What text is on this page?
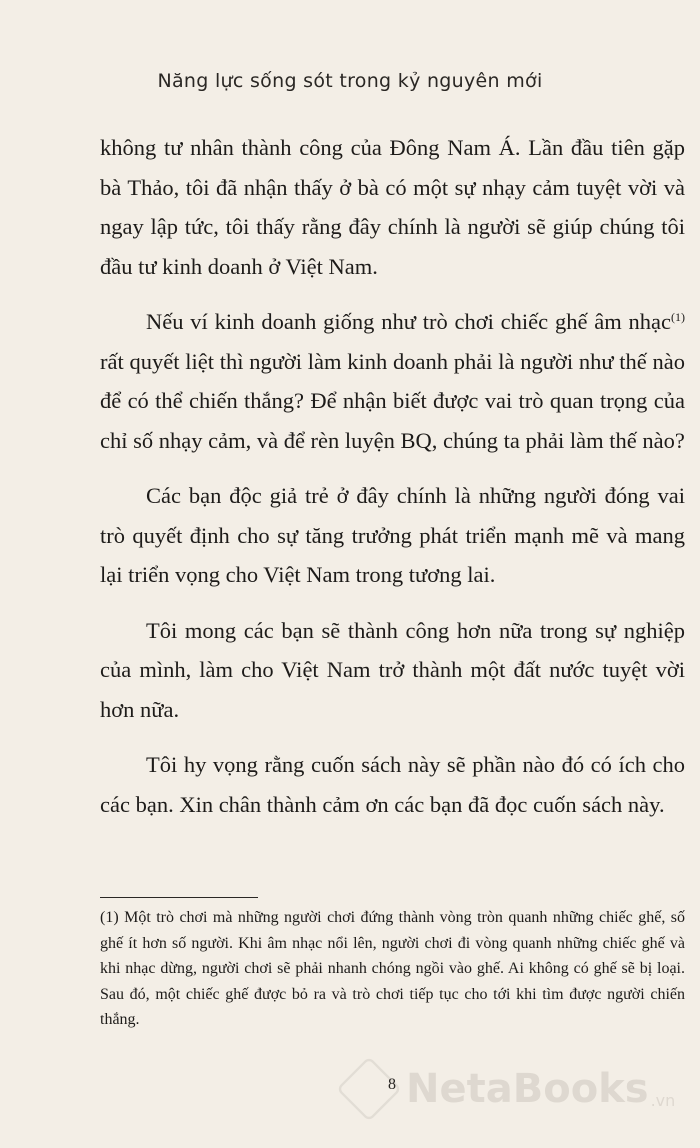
Năng lực sống sót trong kỷ nguyên mới

không tư nhân thành công của Đông Nam Á. Lần đầu tiên gặp bà Thảo, tôi đã nhận thấy ở bà có một sự nhạy cảm tuyệt vời và ngay lập tức, tôi thấy rằng đây chính là người sẽ giúp chúng tôi đầu tư kinh doanh ở Việt Nam.

Nếu ví kinh doanh giống như trò chơi chiếc ghế âm nhạc$^{(1)}$ rất quyết liệt thì người làm kinh doanh phải là người như thế nào để có thể chiến thắng? Để nhận biết được vai trò quan trọng của chỉ số nhạy cảm, và để rèn luyện BQ, chúng ta phải làm thế nào?

Các bạn độc giả trẻ ở đây chính là những người đóng vai trò quyết định cho sự tăng trưởng phát triển mạnh mẽ và mang lại triển vọng cho Việt Nam trong tương lai.

Tôi mong các bạn sẽ thành công hơn nữa trong sự nghiệp của mình, làm cho Việt Nam trở thành một đất nước tuyệt vời hơn nữa.

Tôi hy vọng rằng cuốn sách này sẽ phần nào đó có ích cho các bạn. Xin chân thành cảm ơn các bạn đã đọc cuốn sách này.

(1) Một trò chơi mà những người chơi đứng thành vòng tròn quanh những chiếc ghế, số ghế ít hơn số người. Khi âm nhạc nổi lên, người chơi đi vòng quanh những chiếc ghế và khi nhạc dừng, người chơi sẽ phải nhanh chóng ngồi vào ghế. Ai không có ghế sẽ bị loại. Sau đó, một chiếc ghế được bỏ ra và trò chơi tiếp tục cho tới khi tìm được người chiến thắng.

NetaBooks .vn
8
